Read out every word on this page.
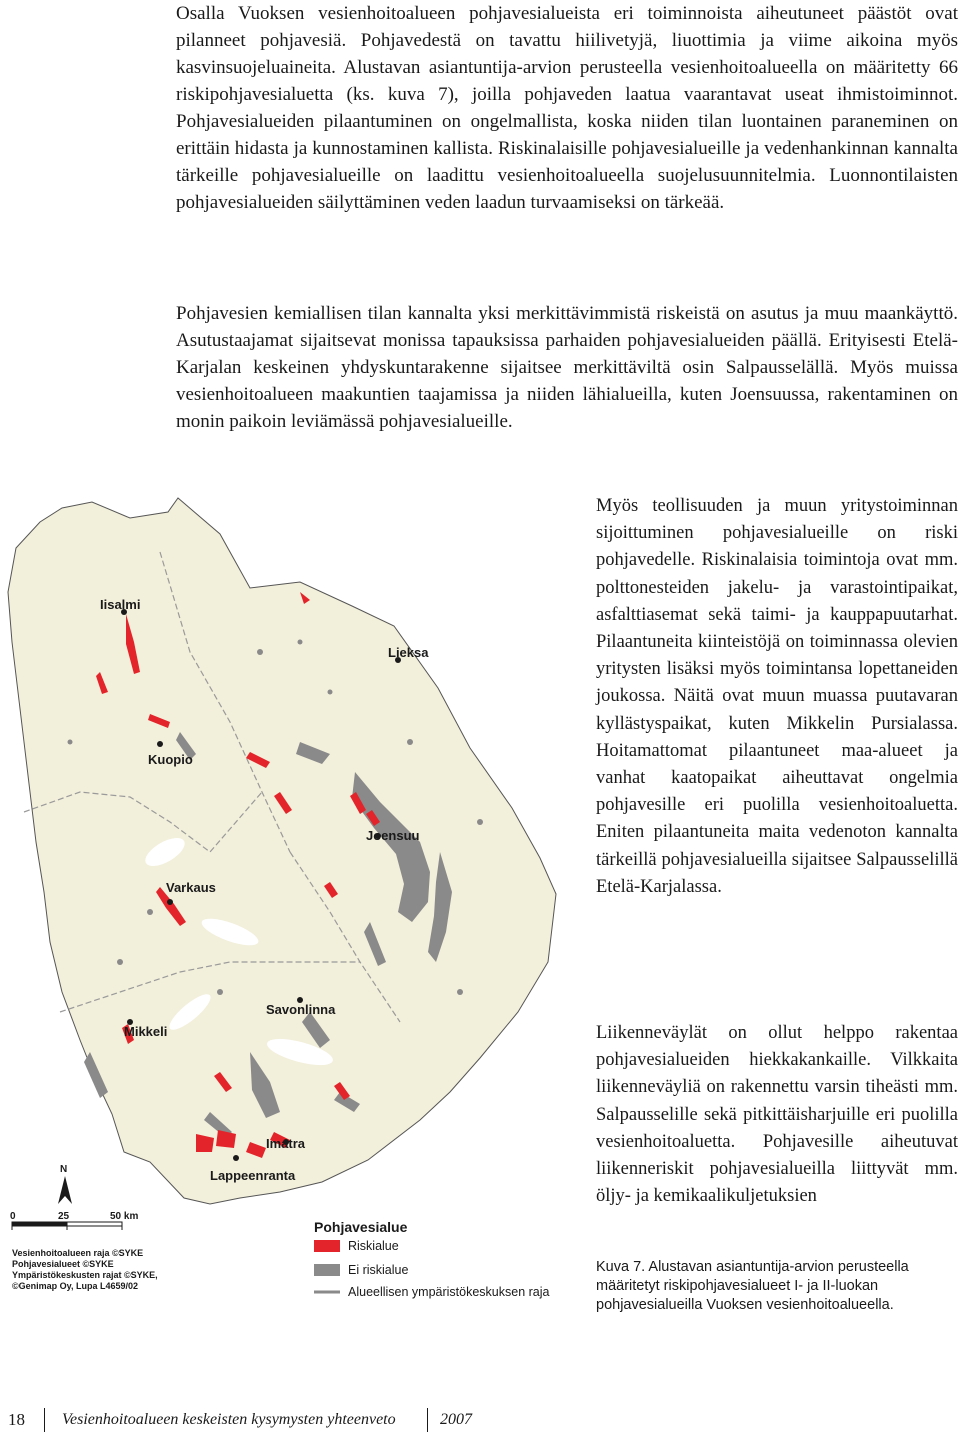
Osalla Vuoksen vesienhoitoalueen pohjavesialueista eri toiminnoista aiheutuneet päästöt ovat pilanneet pohjavesiä. Pohjavedestä on tavattu hiilivetyjä, liuottimia ja viime aikoina myös kasvinsuojeluaineita. Alustavan asiantuntija-arvion perusteella vesienhoitoalueella on määritetty 66 riskipohjavesialuetta (ks. kuva 7), joilla pohjaveden laatua vaarantavat useat ihmistoiminnot. Pohjavesialueiden pilaantuminen on ongelmallista, koska niiden tilan luontainen paraneminen on erittäin hidasta ja kunnostaminen kallista. Riskinalaisille pohjavesialueille ja vedenhankinnan kannalta tärkeille pohjavesialueille on laadittu vesienhoitoalueella suojelusuunnitelmia. Luonnontilaisten pohjavesialueiden säilyttäminen veden laadun turvaamiseksi on tärkeää.

Pohjavesien kemiallisen tilan kannalta yksi merkittävimmistä riskeistä on asutus ja muu maankäyttö. Asutustaajamat sijaitsevat monissa tapauksissa parhaiden pohjavesialueiden päällä. Erityisesti Etelä-Karjalan keskeinen yhdyskuntarakenne sijaitsee merkittäviltä osin Salpausselällä. Myös muissa vesienhoitoalueen maakuntien taajamissa ja niiden lähialueilla, kuten Joensuussa, rakentaminen on monin paikoin leviämässä pohjavesialueille.

Iisalmi
Lieksa
Kuopio
Joensuu
Varkaus
Savonlinna
Mikkeli
Imatra
Lappeenranta
N
0	25	50 km
Vesienhoitoalueen raja ©SYKE
Pohjavesialueet ©SYKE
Ympäristökeskusten rajat ©SYKE,
©Genimap Oy, Lupa L4659/02
Pohjavesialue
Riskialue
Ei riskialue
Alueellisen ympäristökeskuksen raja

Myös teollisuuden ja muun yritystoiminnan sijoittuminen pohjavesialueille on riski pohjavedelle. Riskinalaisia toimintoja ovat mm. polttonesteiden jakelu- ja varastointipaikat, asfalttiasemat sekä taimi- ja kauppapuutarhat. Pilaantuneita kiinteistöjä on toiminnassa olevien yritysten lisäksi myös toimintansa lopettaneiden joukossa. Näitä ovat muun muassa puutavaran kyllästyspaikat, kuten Mikkelin Pursialassa. Hoitamattomat pilaantuneet maa-alueet ja vanhat kaatopaikat aiheuttavat ongelmia pohjavesille eri puolilla vesienhoitoaluetta. Eniten pilaantuneita maita vedenoton kannalta tärkeillä pohjavesialueilla sijaitsee Salpausselillä Etelä-Karjalassa.

Liikenneväylät on ollut helppo rakentaa pohjavesialueiden hiekkakankaille. Vilkkaita liikenneväyliä on rakennettu varsin tiheästi mm. Salpausselille sekä pitkittäisharjuille eri puolilla vesienhoitoaluetta. Pohjavesille aiheutuvat liikenneriskit pohjavesialueilla liittyvät mm. öljy- ja kemikaalikuljetuksien

Kuva 7. Alustavan asiantuntija-arvion perusteella määritetyt riskipohjavesialueet I- ja II-luokan pohjavesialueilla Vuoksen vesienhoitoalueella.

18 Vesienhoitoalueen keskeisten kysymysten yhteenveto	2007
